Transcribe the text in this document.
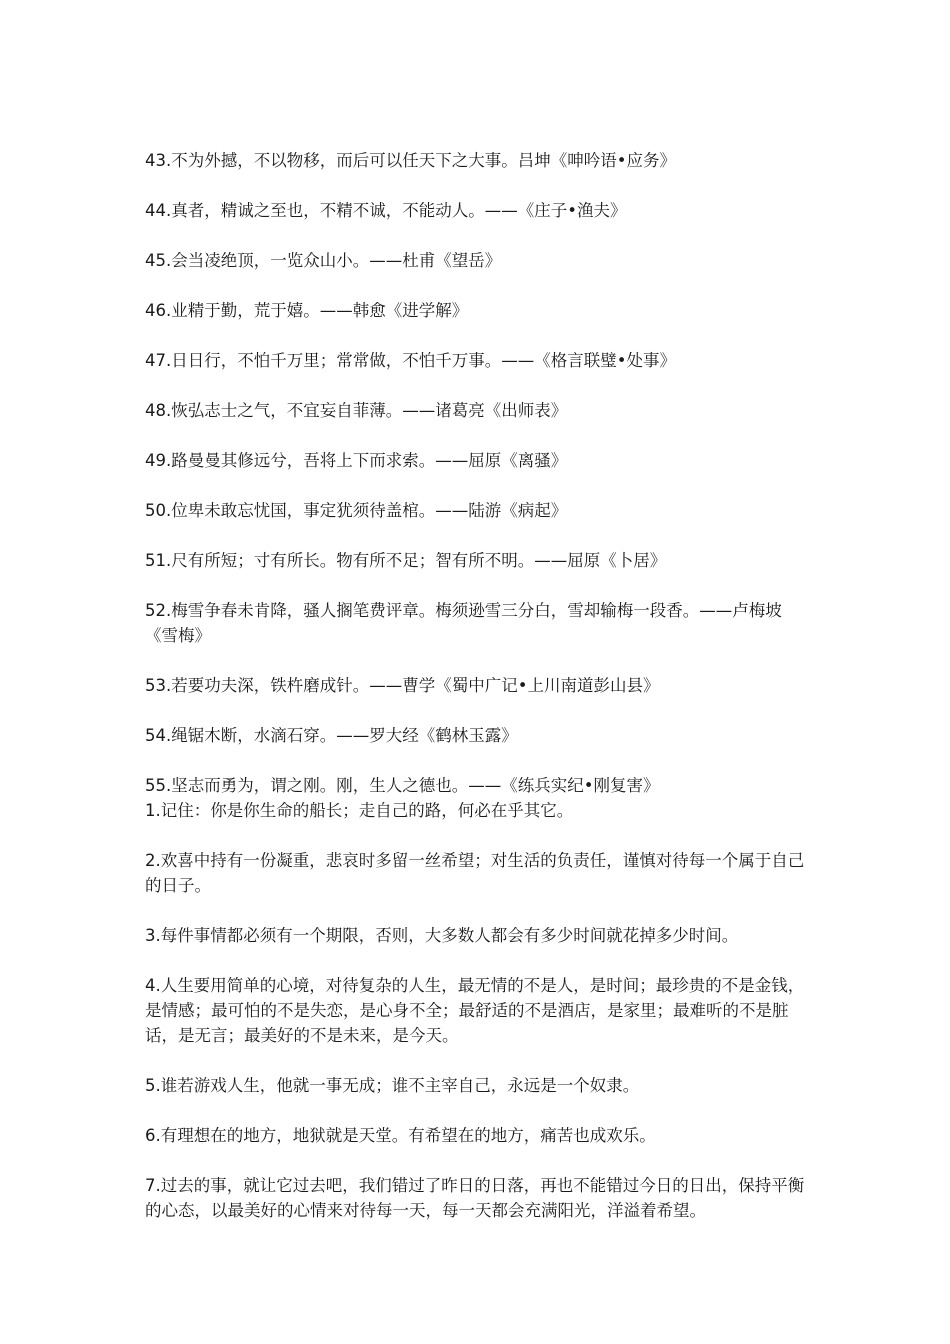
43.不为外撼，不以物移，而后可以任天下之大事。吕坤《呻吟语•应务》

44.真者，精诚之至也，不精不诚，不能动人。——《庄子•渔夫》

45.会当凌绝顶，一览众山小。——杜甫《望岳》

46.业精于勤，荒于嬉。——韩愈《进学解》

47.日日行，不怕千万里；常常做，不怕千万事。——《格言联璧•处事》

48.恢弘志士之气，不宜妄自菲薄。——诸葛亮《出师表》

49.路曼曼其修远兮，吾将上下而求索。——屈原《离骚》

50.位卑未敢忘忧国，事定犹须待盖棺。——陆游《病起》

51.尺有所短；寸有所长。物有所不足；智有所不明。——屈原《卜居》

52.梅雪争春未肯降，骚人搁笔费评章。梅须逊雪三分白，雪却输梅一段香。——卢梅坡《雪梅》

53.若要功夫深，铁杵磨成针。——曹学《蜀中广记•上川南道彭山县》

54.绳锯木断，水滴石穿。——罗大经《鹤林玉露》

55.坚志而勇为，谓之刚。刚，生人之德也。——《练兵实纪•刚复害》

1.记住：你是你生命的船长；走自己的路，何必在乎其它。

2.欢喜中持有一份凝重，悲哀时多留一丝希望；对生活的负责任，谨慎对待每一个属于自己的日子。

3.每件事情都必须有一个期限，否则，大多数人都会有多少时间就花掉多少时间。

4.人生要用简单的心境，对待复杂的人生，最无情的不是人，是时间；最珍贵的不是金钱，是情感；最可怕的不是失恋，是心身不全；最舒适的不是酒店，是家里；最难听的不是脏话，是无言；最美好的不是未来，是今天。

5.谁若游戏人生，他就一事无成；谁不主宰自己，永远是一个奴隶。

6.有理想在的地方，地狱就是天堂。有希望在的地方，痛苦也成欢乐。

7.过去的事，就让它过去吧，我们错过了昨日的日落，再也不能错过今日的日出，保持平衡的心态，以最美好的心情来对待每一天，每一天都会充满阳光，洋溢着希望。
